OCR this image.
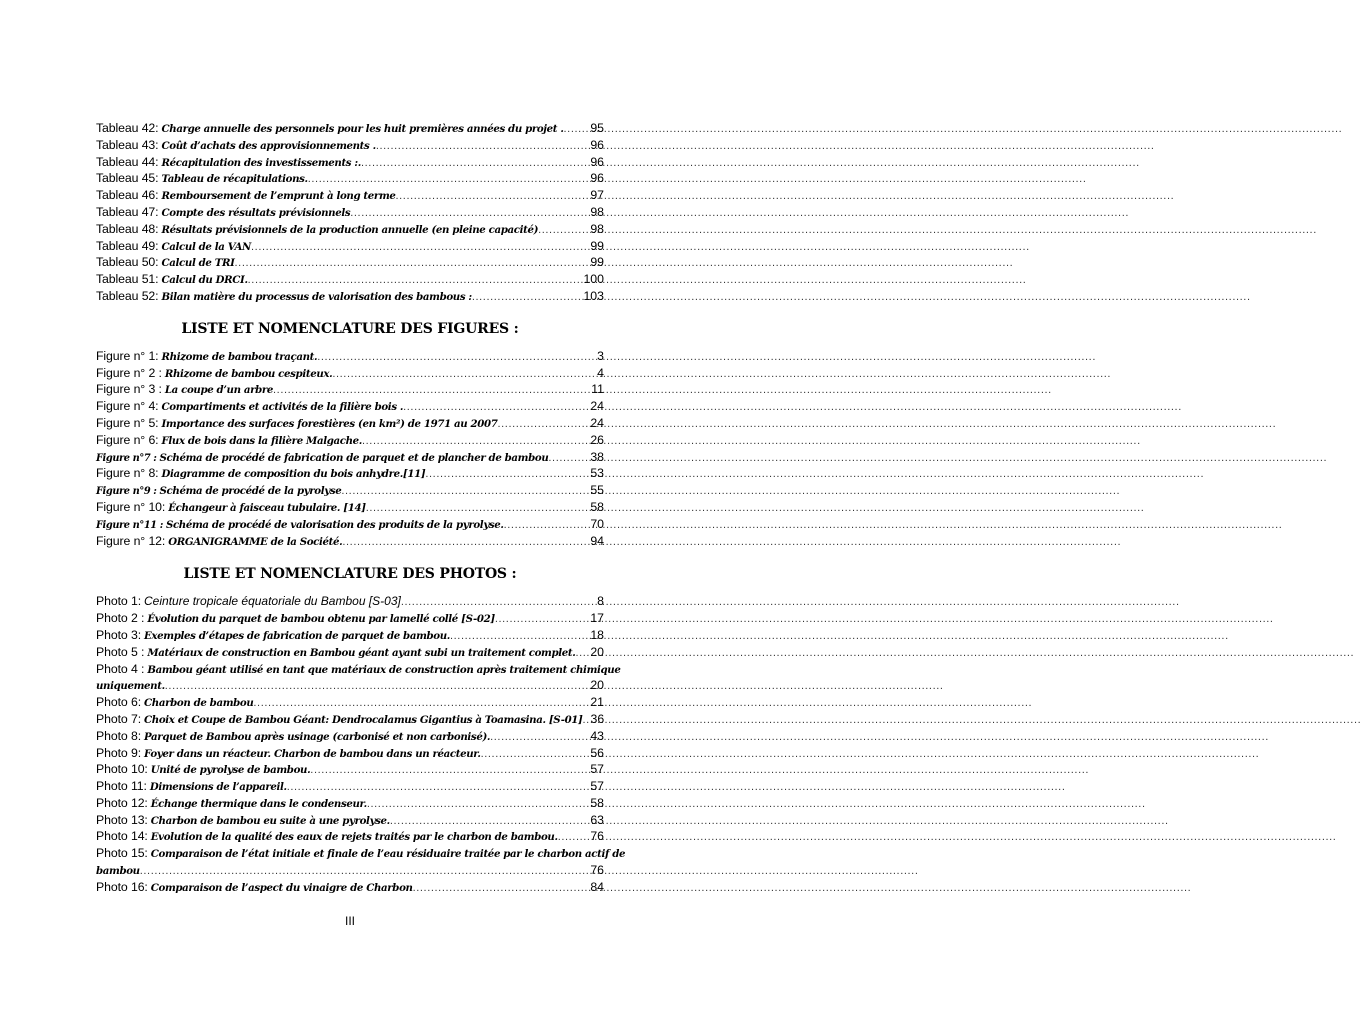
Tableau 42: Charge annuelle des personnels pour les huit premières années du projet . ..... 95
Tableau 43: Coût d’achats des approvisionnements . .....	96
Tableau 44: Récapitulation des investissements :. .....	96
Tableau 45: Tableau de récapitulations. .....	96
Tableau 46: Remboursement de l’emprunt à long terme .....	97
Tableau 47: Compte des résultats prévisionnels .....	98
Tableau 48: Résultats prévisionnels de la production annuelle (en pleine capacité) .....	98
Tableau 49: Calcul de la VAN .....	99
Tableau 50: Calcul de TRI .....	99
Tableau 51: Calcul du DRCI. .....	100
Tableau 52: Bilan matière du processus de valorisation des bambous : .....	103
LISTE ET NOMENCLATURE DES FIGURES :
Figure n° 1: Rhizome de bambou traçant. .....	3
Figure n° 2 : Rhizome de bambou cespiteux. .....	4
Figure n° 3 : La coupe d’un arbre .....	11
Figure n° 4: Compartiments et activités de la filière bois . .....	24
Figure n° 5: Importance des surfaces forestières (en km²) de 1971 au 2007 .....	24
Figure n° 6: Flux de bois dans la filière Malgache. .....	26
Figure n°7 : Schéma de procédé de fabrication de parquet et de plancher de bambou .....	38
Figure n° 8: Diagramme de composition du bois anhydre.[11] .....	53
Figure n°9 : Schéma de procédé de la pyrolyse .....	55
Figure n° 10: Échangeur à faisceau tubulaire. [14] .....	58
Figure n°11 : Schéma de procédé de valorisation des produits de la pyrolyse. .....	70
Figure n° 12: ORGANIGRAMME de la Société. .....	94
LISTE ET NOMENCLATURE DES PHOTOS :
Photo 1: Ceinture tropicale équatoriale du Bambou [S-03] .....	8
Photo 2 : Évolution du parquet de bambou obtenu par lamellé collé [S-02] .....	17
Photo 3: Exemples d’étapes de fabrication de parquet de bambou. .....	18
Photo 5 : Matériaux de construction en Bambou géant ayant subi un traitement complet. ..... 20
Photo 4 : Bambou géant utilisé en tant que matériaux de construction après traitement chimique
uniquement. .....	20
Photo 6: Charbon de bambou .....	21
Photo 7: Choix et Coupe de Bambou Géant: Dendrocalamus Gigantius à Toamasina. [S-01] ..... 36
Photo 8: Parquet de Bambou après usinage (carbonisé et non carbonisé). .....	43
Photo 9: Foyer dans un réacteur. Charbon de bambou dans un réacteur. .....	56
Photo 10: Unité de pyrolyse de bambou. .....	57
Photo 11: Dimensions de l’appareil. .....	57
Photo 12: Échange thermique dans le condenseur. .....	58
Photo 13: Charbon de bambou eu suite à une pyrolyse. .....	63
Photo 14: Evolution de la qualité des eaux de rejets traités par le charbon de bambou. .....	76
Photo 15: Comparaison de l’état initiale et finale de l’eau résiduaire traitée par le charbon actif de
bambou .....	76
Photo 16: Comparaison de l’aspect du vinaigre de Charbon .....	84
III
